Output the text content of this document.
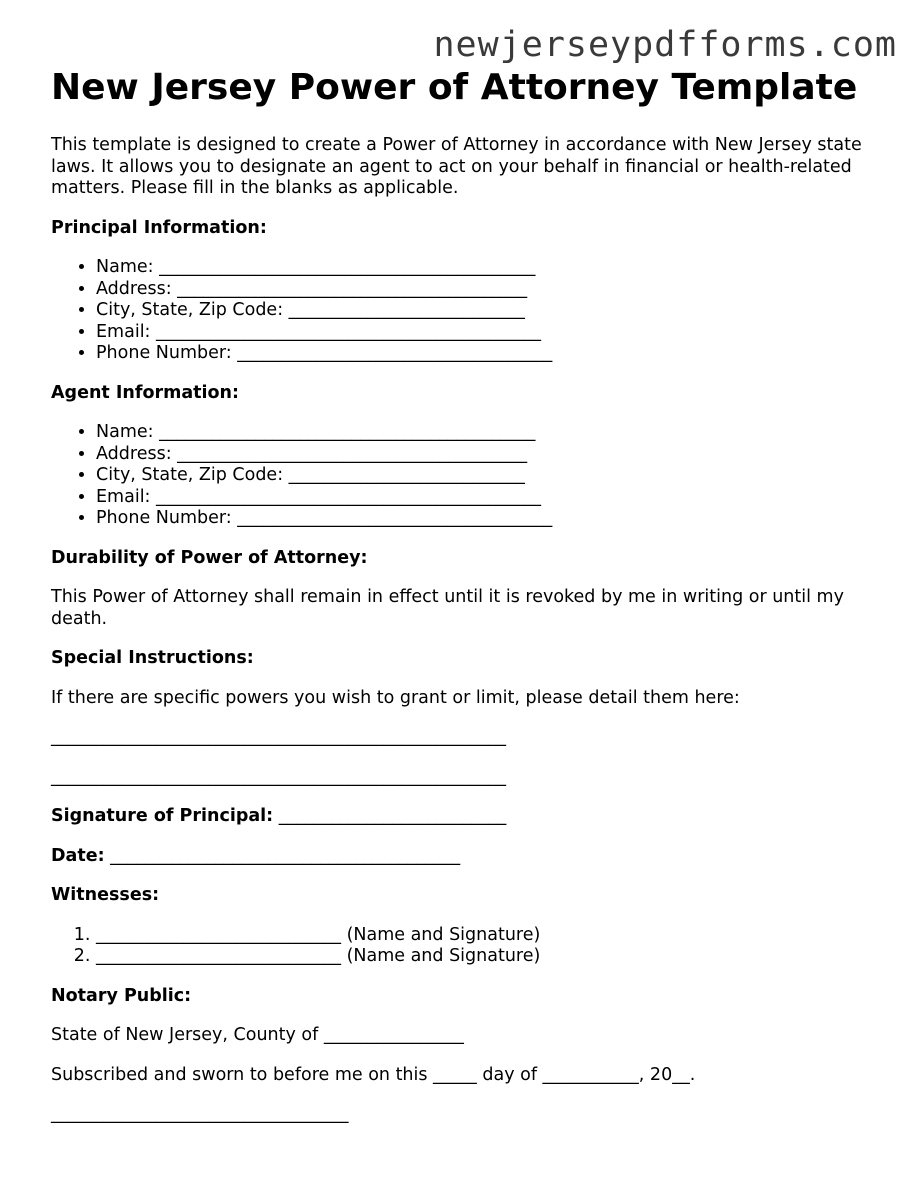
newjerseypdfforms.com
New Jersey Power of Attorney Template

This template is designed to create a Power of Attorney in accordance with New Jersey state laws. It allows you to designate an agent to act on your behalf in financial or health-related matters. Please fill in the blanks as applicable.

Principal Information:
• Name: ___________________________________________
• Address: ________________________________________
• City, State, Zip Code: ___________________________
• Email: ____________________________________________
• Phone Number: ____________________________________
Agent Information:
• Name: ___________________________________________
• Address: ________________________________________
• City, State, Zip Code: ___________________________
• Email: ____________________________________________
• Phone Number: ____________________________________
Durability of Power of Attorney:

This Power of Attorney shall remain in effect until it is revoked by me in writing or until my death.

Special Instructions:

If there are specific powers you wish to grant or limit, please detail them here:

____________________________________________________

____________________________________________________

Signature of Principal: __________________________

Date: ________________________________________

Witnesses:
1. ____________________________ (Name and Signature)
2. ____________________________ (Name and Signature)
Notary Public:

State of New Jersey, County of ________________

Subscribed and sworn to before me on this _____ day of ___________, 20__.

__________________________________
